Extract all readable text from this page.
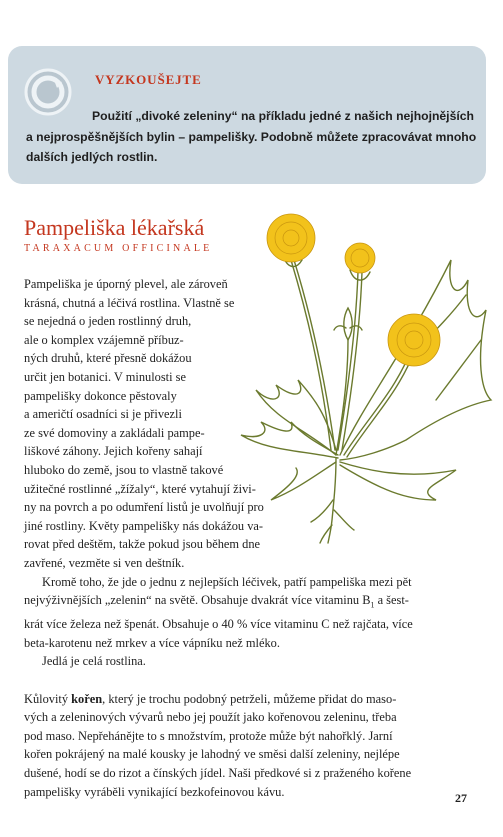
VYZKOUŠEJTE
Použití „divoké zeleniny“ na příkladu jedné z našich nejhojnějších a nejprospěšnějších bylin – pampelišky. Podobně můžete zpracovávat mnoho dalších jedlých rostlin.
Pampeliška lékařská
TARAXACUM OFFICINALE
Pampeliška je úporný plevel, ale zároveň
krásná, chutná a léčivá rostlina. Vlastně se
se nejedná o jeden rostlinný druh,
ale o komplex vzájemně příbuz-
ných druhů, které přesně dokážou
určit jen botanici. V minulosti se
pampelišky dokonce pěstovaly
a američtí osadníci si je přivezli
ze své domoviny a zakládali pampe-
liškové záhony. Jejich kořeny sahají
hluboko do země, jsou to vlastně takové
užitečné rostlinné „žížaly“, které vytahují živi-
ny na povrch a po odumření listů je uvolňují pro
jiné rostliny. Květy pampelišky nás dokážou va-
rovat před deštěm, takže pokud jsou během dne
zavřené, vezměte si ven deštník.
Kromě toho, že jde o jednu z nejlepších léčivek, patří pampeliška mezi pět
nejvýživnějších „zelenin“ na světě. Obsahuje dvakrát více vitaminu $B_1$ a šest-
krát více železa než špenát. Obsahuje o 40 % více vitaminu C než rajčata, více
beta-karotenu než mrkev a více vápníku než mléko.
Jedlá je celá rostlina.
Kůlovitý kořen, který je trochu podobný petrželi, můžeme přidat do maso-
vých a zeleninových vývarů nebo jej použít jako kořenovou zeleninu, třeba
pod maso. Nepřehánějte to s množstvím, protože může být nahořklý. Jarní
kořen pokrájený na malé kousky je lahodný ve směsi další zeleniny, nejlépe
dušené, hodí se do rizot a čínských jídel. Naši předkové si z praženého kořene
pampelišky vyráběli vynikající bezkofeinovou kávu.	27
